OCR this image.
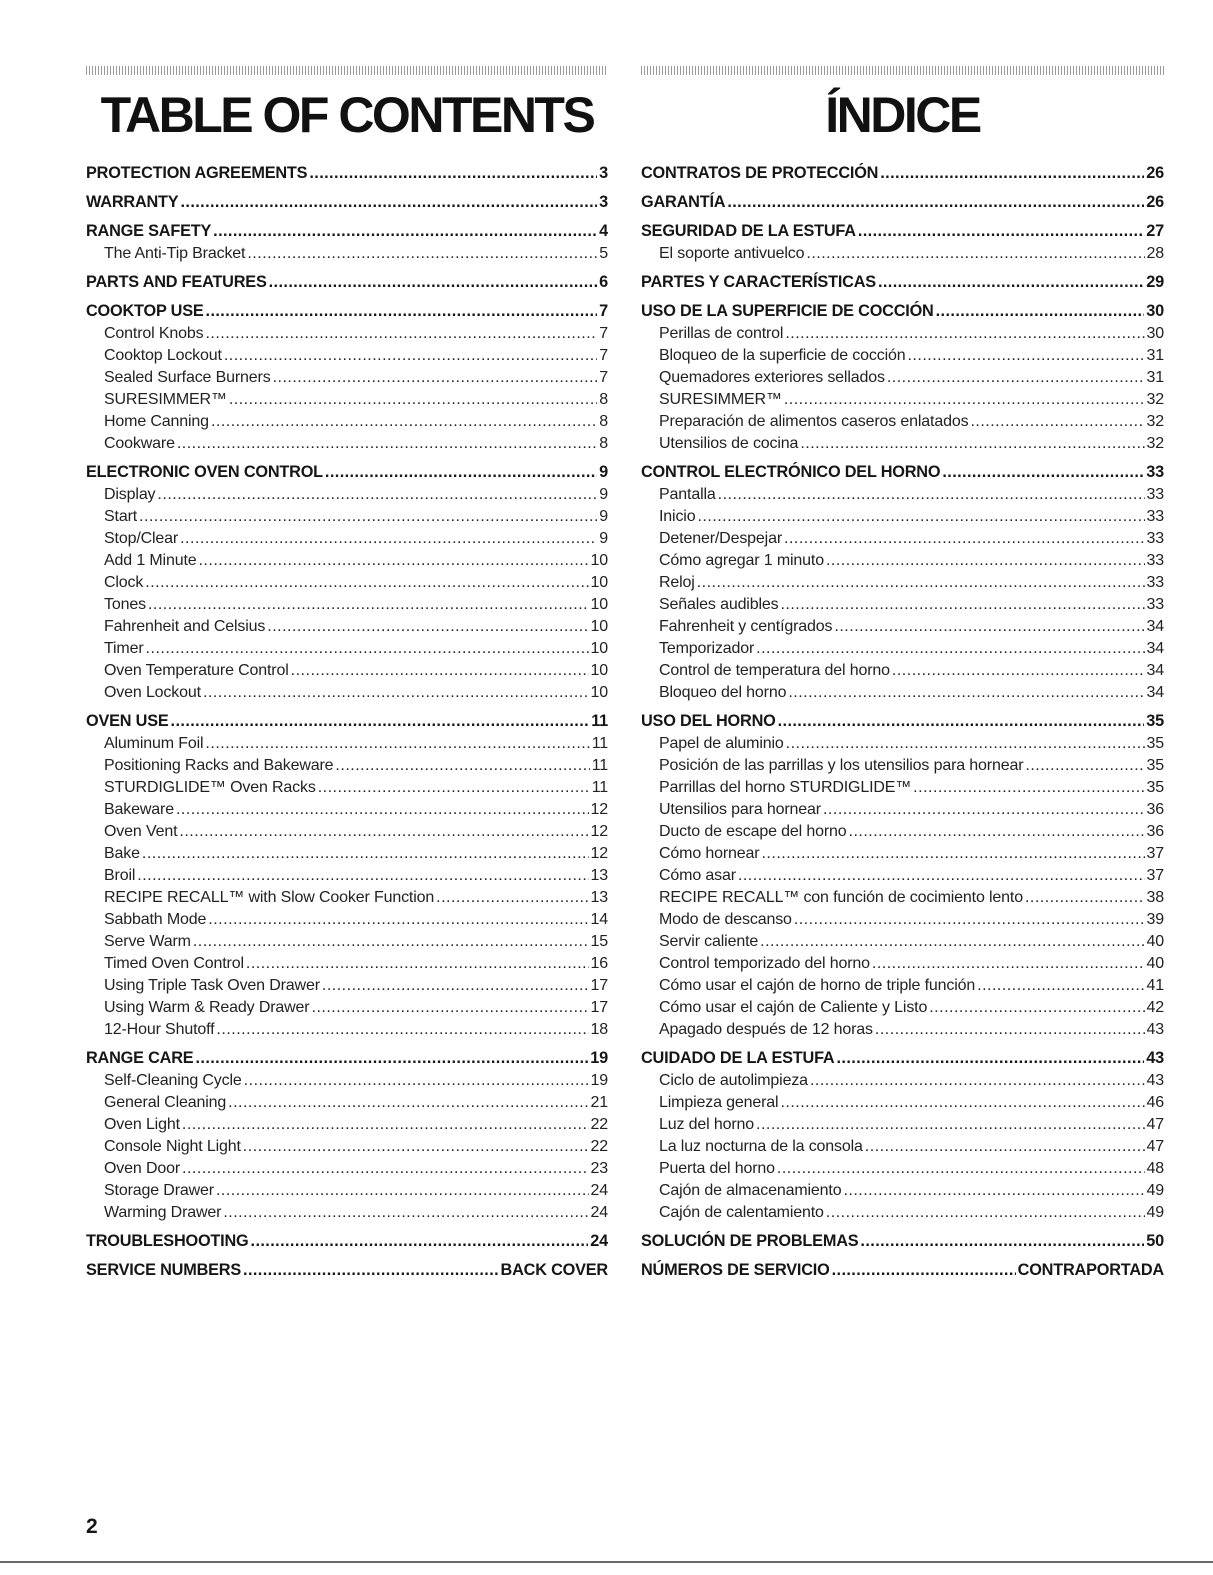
TABLE OF CONTENTS
PROTECTION AGREEMENTS .....	3
WARRANTY .....	3
RANGE SAFETY .....	4
The Anti-Tip Bracket .....	5
PARTS AND FEATURES .....	6
COOKTOP USE .....	7
Control Knobs .....	7
Cooktop Lockout .....	7
Sealed Surface Burners .....	7
SURESIMMER™ .....	8
Home Canning .....	8
Cookware .....	8
ELECTRONIC OVEN CONTROL .....	9
Display .....	9
Start .....	9
Stop/Clear .....	9
Add 1 Minute .....	10
Clock .....	10
Tones .....	10
Fahrenheit and Celsius .....	10
Timer .....	10
Oven Temperature Control .....	10
Oven Lockout .....	10
OVEN USE .....	11
Aluminum Foil .....	11
Positioning Racks and Bakeware .....	11
STURDIGLIDE™ Oven Racks .....	11
Bakeware .....	12
Oven Vent .....	12
Bake .....	12
Broil .....	13
RECIPE RECALL™ with Slow Cooker Function .....	13
Sabbath Mode .....	14
Serve Warm .....	15
Timed Oven Control .....	16
Using Triple Task Oven Drawer .....	17
Using Warm & Ready Drawer .....	17
12-Hour Shutoff .....	18
RANGE CARE .....	19
Self-Cleaning Cycle .....	19
General Cleaning .....	21
Oven Light .....	22
Console Night Light .....	22
Oven Door .....	23
Storage Drawer .....	24
Warming Drawer .....	24
TROUBLESHOOTING .....	24
SERVICE NUMBERS .....	BACK COVER
ÍNDICE
CONTRATOS DE PROTECCIÓN .....	26
GARANTÍA .....	26
SEGURIDAD DE LA ESTUFA .....	27
El soporte antivuelco .....	28
PARTES Y CARACTERÍSTICAS .....	29
USO DE LA SUPERFICIE DE COCCIÓN .....	30
Perillas de control .....	30
Bloqueo de la superficie de cocción .....	31
Quemadores exteriores sellados .....	31
SURESIMMER™ .....	32
Preparación de alimentos caseros enlatados .....	32
Utensilios de cocina .....	32
CONTROL ELECTRÓNICO DEL HORNO .....	33
Pantalla .....	33
Inicio .....	33
Detener/Despejar .....	33
Cómo agregar 1 minuto .....	33
Reloj .....	33
Señales audibles .....	33
Fahrenheit y centígrados .....	34
Temporizador .....	34
Control de temperatura del horno .....	34
Bloqueo del horno .....	34
USO DEL HORNO .....	35
Papel de aluminio .....	35
Posición de las parrillas y los utensilios para hornear .....	35
Parrillas del horno STURDIGLIDE™ .....	35
Utensilios para hornear .....	36
Ducto de escape del horno .....	36
Cómo hornear .....	37
Cómo asar .....	37
RECIPE RECALL™ con función de cocimiento lento .....	38
Modo de descanso .....	39
Servir caliente .....	40
Control temporizado del horno .....	40
Cómo usar el cajón de horno de triple función .....	41
Cómo usar el cajón de Caliente y Listo .....	42
Apagado después de 12 horas .....	43
CUIDADO DE LA ESTUFA .....	43
Ciclo de autolimpieza .....	43
Limpieza general .....	46
Luz del horno .....	47
La luz nocturna de la consola .....	47
Puerta del horno .....	48
Cajón de almacenamiento .....	49
Cajón de calentamiento .....	49
SOLUCIÓN DE PROBLEMAS .....	50
NÚMEROS DE SERVICIO .....	CONTRAPORTADA
2
